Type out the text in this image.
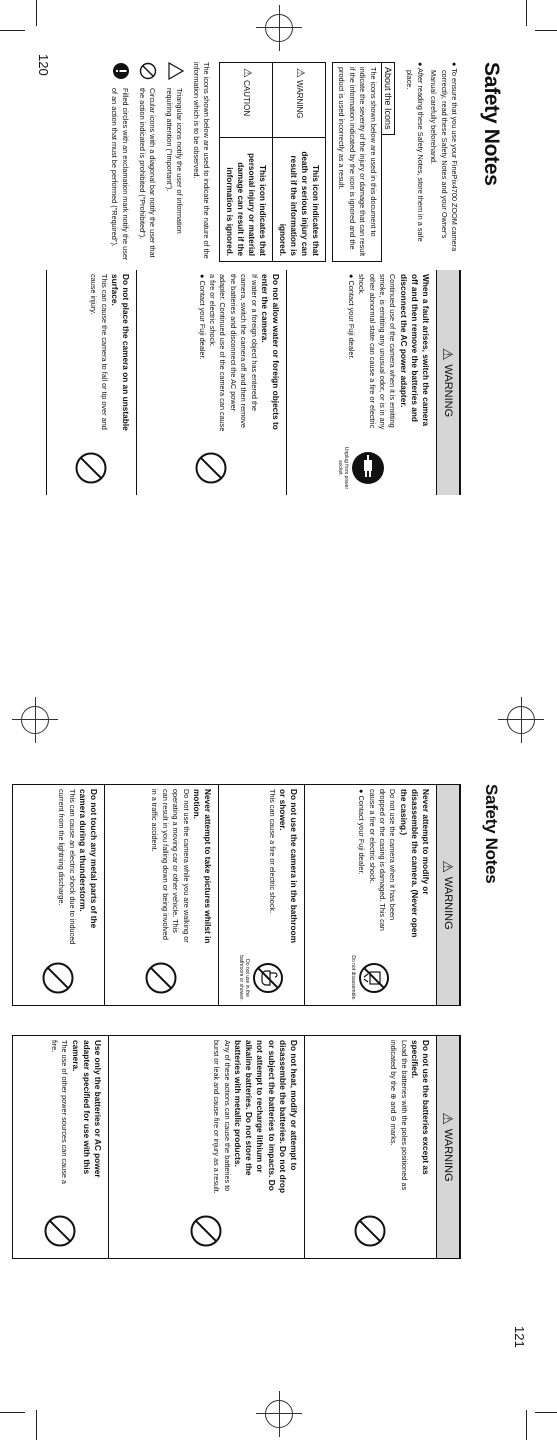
Safety Notes
120	● To ensure that you use your FinePix4700 ZOOM camera correctly, read these Safety Notes and your Owner's Manual carefully beforehand.
● After reading these Safety Notes, store them in a safe place.
About the Icons
The icons shown below are used in this document to indicate the severity of the injury or damage that can result if the information indicated by the icon is ignored and the product is used incorrectly as a result.
⚠ WARNING	This icon indicates that death or serious injury can result if the information is ignored.
⚠ CAUTION	This icon indicates that personal injury or material damage can result if the information is ignored.
The icons shown below are used to indicate the nature of the information which is to be observed.
Triangular icons notify the user of information requiring attention ("Important").
Circular icons with a diagonal bar notify the user that the action indicated is prohibited ("Prohibited").
Filled circles with an exclamation mark notify the user of an action that must be performed ("Required").
⚠
WARNING
When a fault arises, switch the camera off and then remove the batteries and disconnect the AC power adapter.
Continued use of the camera when it is emitting smoke, is emitting any unusual odor, or is in any other abnormal state can cause a fire or electric shock.
● Contact your Fuji dealer.
Unplug from power socket.
Do not allow water or foreign objects to enter the camera.
If water or a foreign object has entered the camera, switch the camera off and then remove the batteries and disconnect the AC power adapter. Continued use of the camera can cause a fire or electric shock.
● Contact your Fuji dealer.
Do not place the camera on an unstable surface.
This can cause the camera to fall or tip over and cause injury.
Safety Notes
121
⚠
WARNING
Never attempt to modify or disassemble the camera. (Never open the casing.)
Do not use the camera when it has been dropped or the casing is damaged. This can cause a fire or electric shock.
● Contact your Fuji dealer.
Do not disassemble.
Do not use the camera in the bathroom or shower.
This can cause a fire or electric shock.
Do not use in the bathroom or shower.
Never attempt to take pictures whilst in motion.
Do not use the camera while you are walking or operating a moving car or other vehicle. This can result in you falling down or being involved in a traffic accident.
Do not touch any metal parts of the camera during a thunderstorm.
This can cause an electric shock due to induced current from the lightning discharge.
⚠
WARNING
Do not use the batteries except as specified.
Load the batteries with the poles positioned as indicated by the ⊕ and ⊖ marks.
Do not heat, modify or attempt to disassemble the batteries. Do not drop or subject the batteries to impacts. Do not attempt to recharge lithium or alkaline batteries. Do not store the batteries with metallic products.
Any of these actions can cause the batteries to burst or leak and cause fire or injury as a result.
Use only the batteries or AC power adapter specified for use with this camera.
The use of other power sources can cause a fire.
